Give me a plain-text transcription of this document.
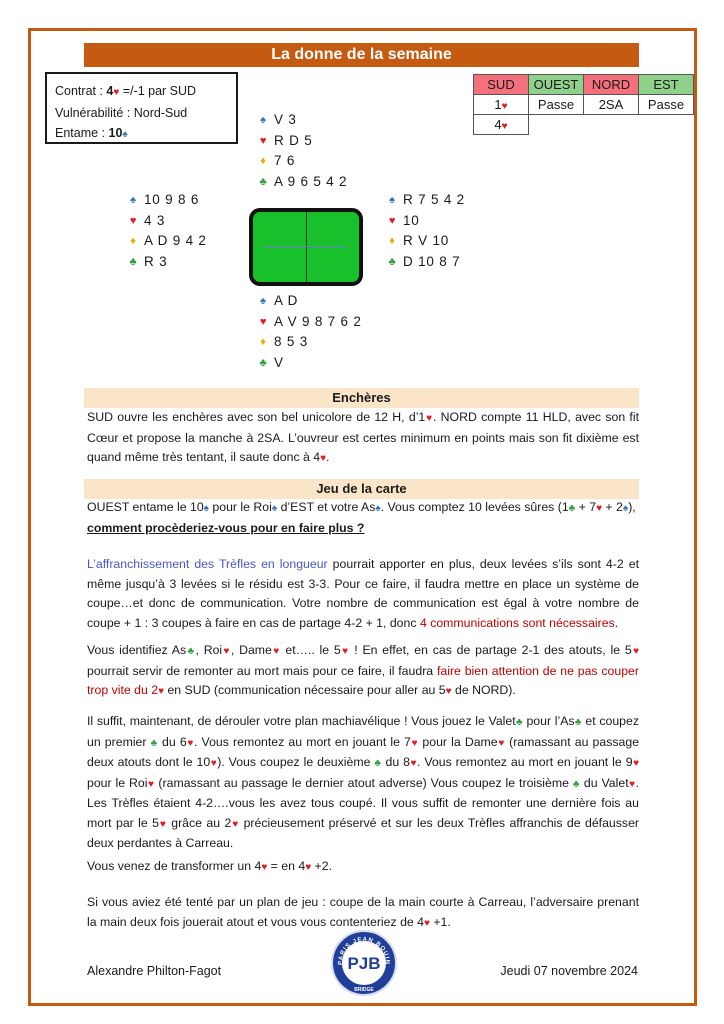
La donne de la semaine
Contrat : 4♥ =/-1 par SUD
Vulnérabilité : Nord-Sud
Entame : 10♠
SUD	OUEST	NORD	EST
1♥	Passe	2SA	Passe
4♥			
♠ V 3
♥ R D 5
♦ 7 6
♣ A 9 6 5 4 2
♠ 10 9 8 6
♥ 4 3
♦ A D 9 4 2
♣ R 3
♠ R 7 5 4 2
♥ 10
♦ R V 10
♣ D 10 8 7
♠ A D
♥ A V 9 8 7 6 2
♦ 8 5 3
♣ V
Enchères
SUD ouvre les enchères avec son bel unicolore de 12 H, d’1♥. NORD compte 11 HLD, avec son fit Cœur et propose la manche à 2SA. L’ouvreur est certes minimum en points mais son fit dixième est quand même très tentant, il saute donc à 4♥.
Jeu de la carte
OUEST entame le 10♠ pour le Roi♠ d’EST et votre As♠. Vous comptez 10 levées sûres (1♣ + 7♥ + 2♠),
comment procèderiez-vous pour en faire plus ?
L’affranchissement des Trèfles en longueur pourrait apporter en plus, deux levées s’ils sont 4-2 et même jusqu’à 3 levées si le résidu est 3-3. Pour ce faire, il faudra mettre en place un système de coupe…et donc de communication. Votre nombre de communication est égal à votre nombre de coupe + 1 : 3 coupes à faire en cas de partage 4-2 + 1, donc 4 communications sont nécessaires.
Vous identifiez As♣, Roi♥, Dame♥ et….. le 5♥ ! En effet, en cas de partage 2-1 des atouts, le 5♥ pourrait servir de remonter au mort mais pour ce faire, il faudra faire bien attention de ne pas couper trop vite du 2♥ en SUD (communication nécessaire pour aller au 5♥ de NORD).
Il suffit, maintenant, de dérouler votre plan machiavélique ! Vous jouez le Valet♣ pour l’As♣ et coupez un premier ♣ du 6♥. Vous remontez au mort en jouant le 7♥ pour la Dame♥ (ramassant au passage deux atouts dont le 10♥). Vous coupez le deuxième ♣ du 8♥. Vous remontez au mort en jouant le 9♥ pour le Roi♥ (ramassant au passage le dernier atout adverse) Vous coupez le troisième ♣ du Valet♥. Les Trèfles étaient 4-2….vous les avez tous coupé. Il vous suffit de remonter une dernière fois au mort par le 5♥ grâce au 2♥ précieusement préservé et sur les deux Trèfles affranchis de défausser deux perdantes à Carreau.
Vous venez de transformer un 4♥ = en 4♥ +2.
Si vous aviez été tenté par un plan de jeu : coupe de la main courte à Carreau, l’adversaire prenant la main deux fois jouerait atout et vous vous contenteriez de 4♥ +1.
Alexandre Philton-Fagot	Jeudi 07 novembre 2024
PARIS JEAN BOUIN
PJB
BRIDGE
